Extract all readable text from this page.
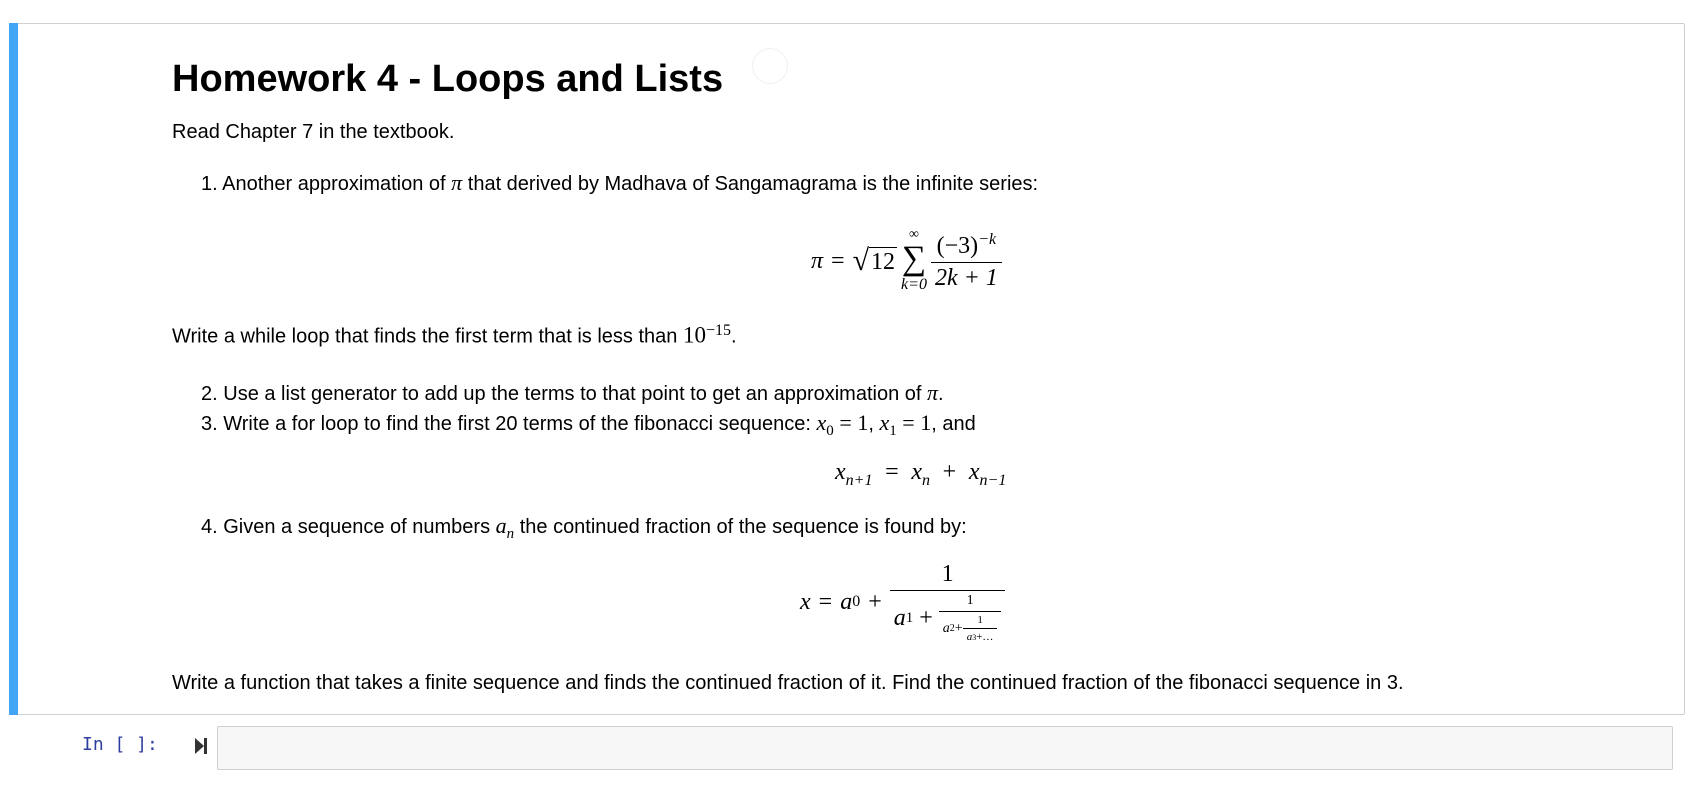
Homework 4 - Loops and Lists
Read Chapter 7 in the textbook.
1. Another approximation of π that derived by Madhava of Sangamagrama is the infinite series:
π = √ 12
∞
∑
$k=0 \frac{(-3)^{-k}}{2k + 1}$
Write a while loop that finds the first term that is less than $10^{-15}$.
2. Use a list generator to add up the terms to that point to get an approximation of π.
3. Write a for loop to find the first 20 terms of the fibonacci sequence: $x_0 = 1$, $x_1 = 1$, and
$x_{n+1} = x_n + x_{n-1}$
4. Given a sequence of numbers $a_n$ the continued fraction of the sequence is found by:
x = a 0 +
1
a $1 + \frac{1}{a 2 + \frac{1}{a 3 +\dots}}$
Write a function that takes a finite sequence and finds the continued fraction of it. Find the continued fraction of the fibonacci sequence in 3.
In [ ]:
